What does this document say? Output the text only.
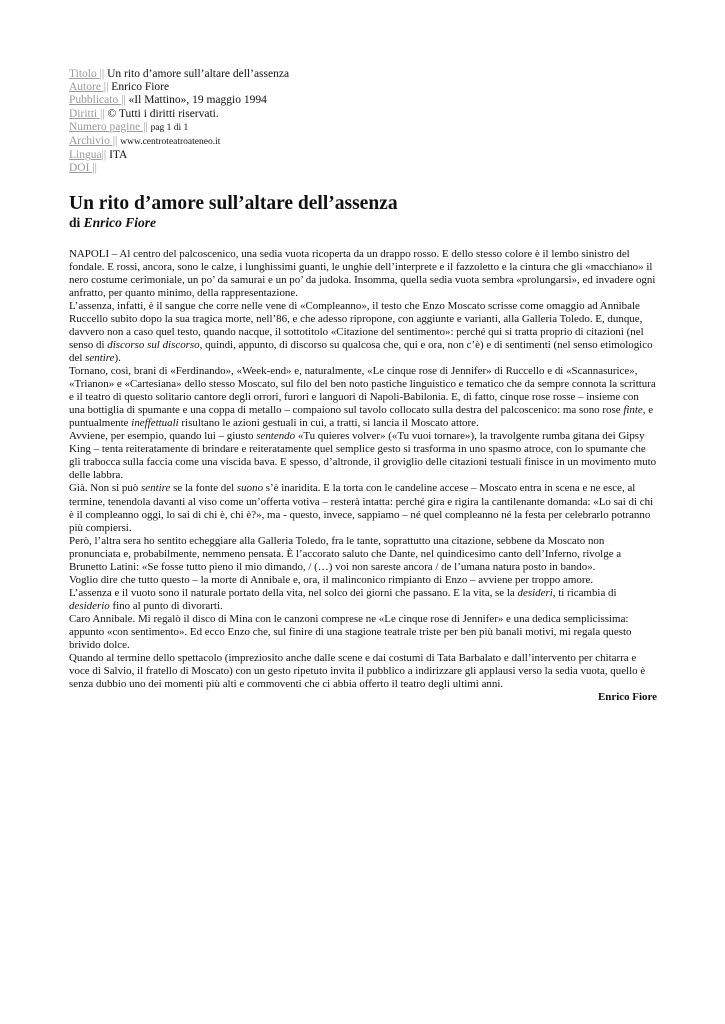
Titolo || Un rito d’amore sull’altare dell’assenza
Autore || Enrico Fiore
Pubblicato || «Il Mattino», 19 maggio 1994
Diritti || © Tutti i diritti riservati.
Numero pagine || pag 1 di 1
Archivio || www.centroteatroateneo.it
Lingua|| ITA
DOI ||
Un rito d’amore sull’altare dell’assenza
di Enrico Fiore

NAPOLI – Al centro del palcoscenico, una sedia vuota ricoperta da un drappo rosso. E dello stesso colore è il lembo sinistro del fondale. E rossi, ancora, sono le calze, i lunghissimi guanti, le unghie dell’interprete e il fazzoletto e la cintura che gli «macchiano» il nero costume cerimoniale, un po’ da samurai e un po’ da judoka. Insomma, quella sedia vuota sembra «prolungarsi», ed invadere ogni anfratto, per quanto minimo, della rappresentazione.

L’assenza, infatti, è il sangue che corre nelle vene di «Compleanno», il testo che Enzo Moscato scrisse come omaggio ad Annibale Ruccello subito dopo la sua tragica morte, nell’86, e che adesso ripropone, con aggiunte e varianti, alla Galleria Toledo. E, dunque, davvero non a caso quel testo, quando nacque, il sottotitolo «Citazione del sentimento»: perché qui si tratta proprio di citazioni (nel senso di discorso sul discorso, quindi, appunto, di discorso su qualcosa che, qui e ora, non c’è) e di sentimenti (nel senso etimologico del sentire).

Tornano, così, brani di «Ferdinando», «Week-end» e, naturalmente, «Le cinque rose di Jennifer» di Ruccello e di «Scannasurice», «Trianon» e «Cartesiana» dello stesso Moscato, sul filo del ben noto pastiche linguistico e tematico che da sempre connota la scrittura e il teatro di questo solitario cantore degli orrori, furori e languori di Napoli-Babilonia. E, di fatto, cinque rose rosse – insieme con una bottiglia di spumante e una coppa di metallo – compaiono sul tavolo collocato sulla destra del palcoscenico: ma sono rose finte, e puntualmente ineffettuali risultano le azioni gestuali in cui, a tratti, si lancia il Moscato attore.

Avviene, per esempio, quando lui – giusto sentendo «Tu quieres volver» («Tu vuoi tornare»), la travolgente rumba gitana dei Gipsy King – tenta reiteratamente di brindare e reiteratamente quel semplice gesto si trasforma in uno spasmo atroce, con lo spumante che gli trabocca sulla faccia come una viscida bava. E spesso, d’altronde, il groviglio delle citazioni testuali finisce in un movimento muto delle labbra.

Già. Non si può sentire se la fonte del suono s’è inaridita. E la torta con le candeline accese – Moscato entra in scena e ne esce, al termine, tenendola davanti al viso come un’offerta votiva – resterà intatta: perché gira e rigira la cantilenante domanda: «Lo sai di chi è il compleanno oggi, lo sai di chi è, chi è?», ma - questo, invece, sappiamo – né quel compleanno né la festa per celebrarlo potranno più compiersi.

Però, l’altra sera ho sentito echeggiare alla Galleria Toledo, fra le tante, soprattutto una citazione, sebbene da Moscato non pronunciata e, probabilmente, nemmeno pensata. È l’accorato saluto che Dante, nel quindicesimo canto dell’Inferno, rivolge a Brunetto Latini: «Se fosse tutto pieno il mio dimando, / (…) voi non sareste ancora / de l’umana natura posto in bando».

Voglio dire che tutto questo – la morte di Annibale e, ora, il malinconico rimpianto di Enzo – avviene per troppo amore.

L’assenza e il vuoto sono il naturale portato della vita, nel solco dei giorni che passano. E la vita, se la desideri, ti ricambia di desiderio fino al punto di divorarti.

Caro Annibale. Mi regalò il disco di Mina con le canzoni comprese ne «Le cinque rose di Jennifer» e una dedica semplicissima: appunto «con sentimento». Ed ecco Enzo che, sul finire di una stagione teatrale triste per ben più banali motivi, mi regala questo brivido dolce.

Quando al termine dello spettacolo (impreziosito anche dalle scene e dai costumi di Tata Barbalato e dall’intervento per chitarra e voce di Salvio, il fratello di Moscato) con un gesto ripetuto invita il pubblico a indirizzare gli applausi verso la sedia vuota, quello è senza dubbio uno dei momenti più alti e commoventi che ci abbia offerto il teatro degli ultimi anni.

Enrico Fiore
